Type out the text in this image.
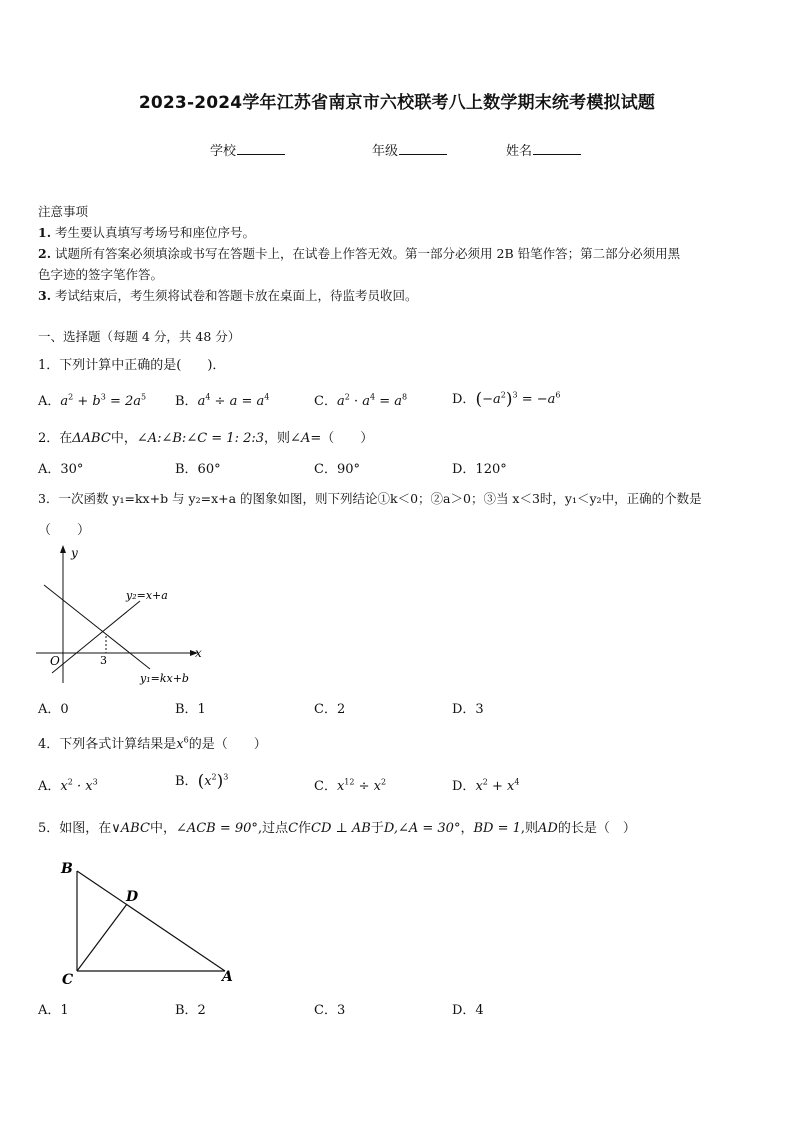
2023-2024学年江苏省南京市六校联考八上数学期末统考模拟试题
学校	年级	姓名
注意事项
1. 考生要认真填写考场号和座位序号。
2. 试题所有答案必须填涂或书写在答题卡上，在试卷上作答无效。第一部分必须用 2B 铅笔作答；第二部分必须用黑
色字迹的签字笔作答。
3. 考试结束后，考生须将试卷和答题卡放在桌面上，待监考员收回。
一、选择题（每题 4 分，共 48 分）
1．下列计算中正确的是(　　)．
A．$a^2 + b^3 = 2a^5$ B．$a^4 \div a = a^4$	C．$a^2 \cdot a^4 = a^8$	D．$(-a^2)^3 = -a^6$
2．在ΔABC中，∠A:∠B:∠C = 1: 2:3，则∠A=（　　）
A．30°	B．60°	C．90°	D．120°
3．一次函数 y₁=kx+b 与 y₂=x+a 的图象如图，则下列结论①k＜0；②a＞0；③当 x＜3时，y₁＜y₂中，正确的个数是
（　　）
y
x
O	3
y₂=x+a
y₁=kx+b
A．0	B．1	C．2	D．3
4．下列各式计算结果是$x^6$的是（　　）
A．$x^2 \cdot x^3$	B．$(x^2)^3$
C．$x^{12} \div x^2$	D．$x^2 + x^4$
5．如图，在∨ABC中，∠ACB = 90°,过点C作CD ⊥ AB于D,∠A = 30°，BD = 1,则AD的长是（　）
B
D
C	A
A．1	B．2	C．3	D．4
